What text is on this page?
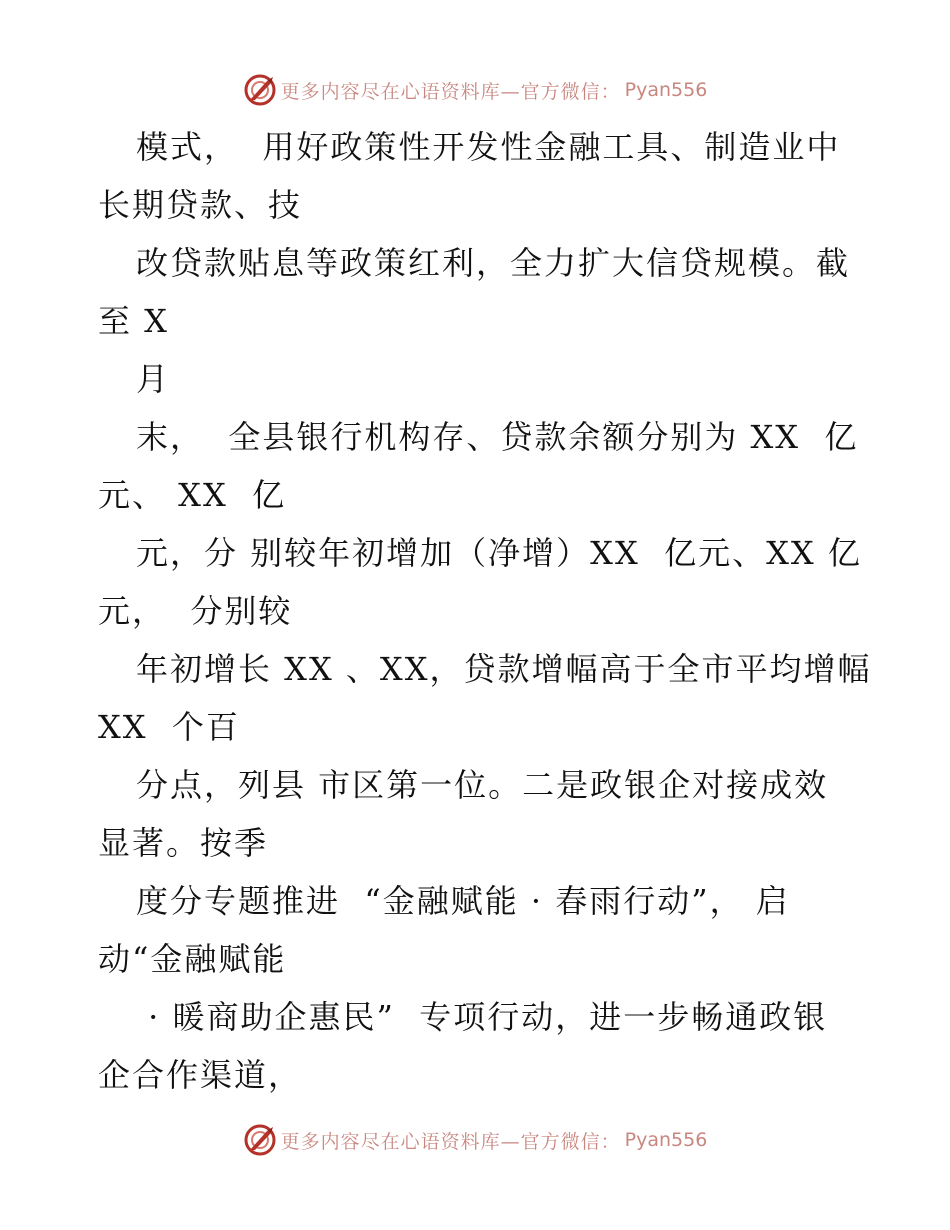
更多内容尽在心语资料库—官方微信： Pyan556
模式，  用好政策性开发性金融工具、制造业中
长期贷款、技
改贷款贴息等政策红利，全力扩大信贷规模。截
至 X
月
末，  全县银行机构存、贷款余额分别为 XX  亿
元、 XX  亿
元，分 别较年初增加（净增）XX  亿元、XX 亿
元，  分别较
年初增长 XX 、XX，贷款增幅高于全市平均增幅
XX  个百
分点，列县 市区第一位。二是政银企对接成效
显著。按季
度分专题推进  “金融赋能 · 春雨行动”， 启
动“金融赋能
· 暖商助企惠民”  专项行动，进一步畅通政银
企合作渠道，
更多内容尽在心语资料库—官方微信： Pyan556
